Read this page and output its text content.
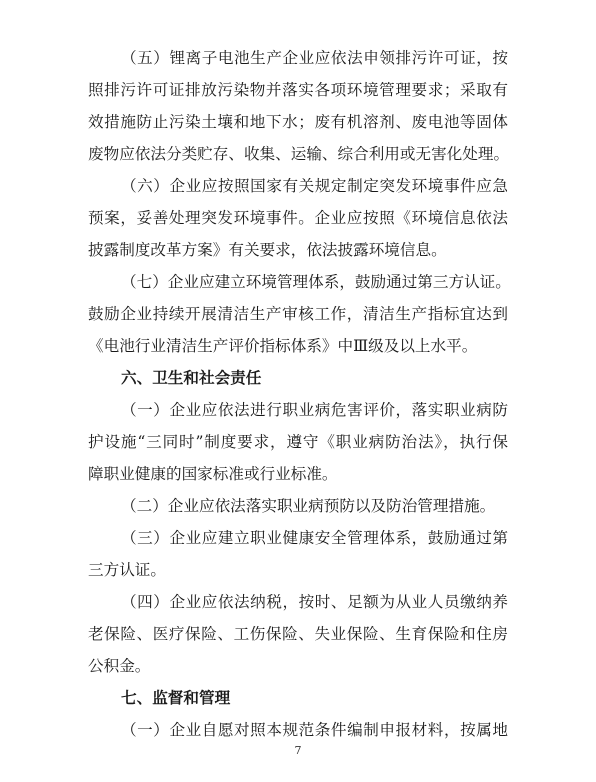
（五）锂离子电池生产企业应依法申领排污许可证，按
照排污许可证排放污染物并落实各项环境管理要求；采取有
效措施防止污染土壤和地下水；废有机溶剂、废电池等固体
废物应依法分类贮存、收集、运输、综合利用或无害化处理。
（六）企业应按照国家有关规定制定突发环境事件应急
预案，妥善处理突发环境事件。企业应按照《环境信息依法
披露制度改革方案》有关要求，依法披露环境信息。
（七）企业应建立环境管理体系，鼓励通过第三方认证。
鼓励企业持续开展清洁生产审核工作，清洁生产指标宜达到
《电池行业清洁生产评价指标体系》中Ⅲ级及以上水平。
六、卫生和社会责任
（一）企业应依法进行职业病危害评价，落实职业病防
护设施“三同时”制度要求，遵守《职业病防治法》，执行保
障职业健康的国家标准或行业标准。
（二）企业应依法落实职业病预防以及防治管理措施。
（三）企业应建立职业健康安全管理体系，鼓励通过第
三方认证。
（四）企业应依法纳税，按时、足额为从业人员缴纳养
老保险、医疗保险、工伤保险、失业保险、生育保险和住房
公积金。
七、监督和管理
（一）企业自愿对照本规范条件编制申报材料，按属地
7
